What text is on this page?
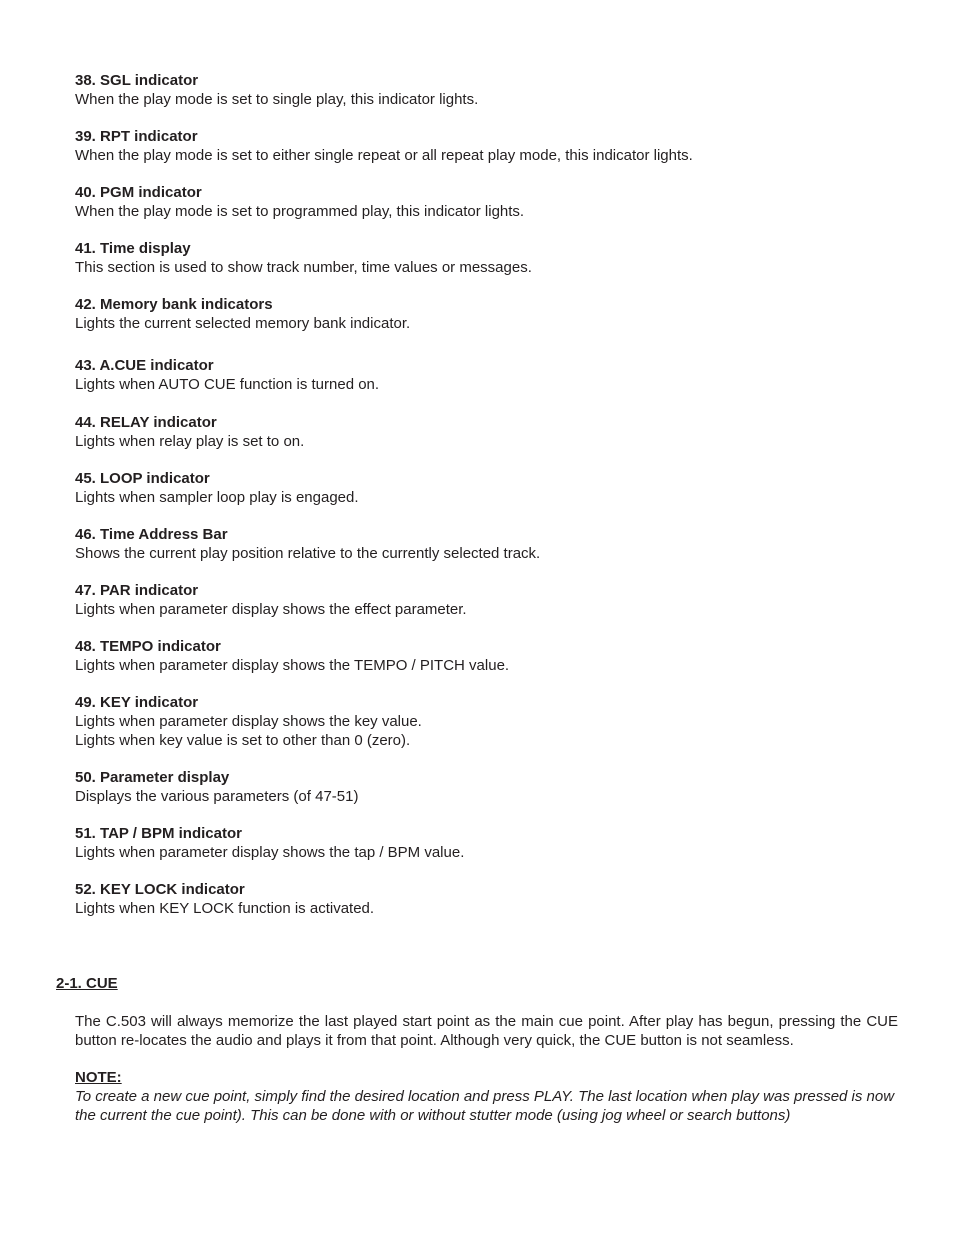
38. SGL indicator
When the play mode is set to single play, this indicator lights.
39. RPT indicator
When the play mode is set to either single repeat or all repeat play mode, this indicator lights.
40. PGM indicator
When the play mode is set to programmed play, this indicator lights.
41. Time display
This section is used to show track number, time values or messages.
42. Memory bank indicators
Lights the current selected memory bank indicator.
43. A.CUE indicator
Lights when AUTO CUE function is turned on.
44. RELAY indicator
Lights when relay play is set to on.
45. LOOP indicator
Lights when sampler loop play is engaged.
46. Time Address Bar
Shows the current play position relative to the currently selected track.
47. PAR indicator
Lights when parameter display shows the effect parameter.
48. TEMPO indicator
Lights when parameter display shows the TEMPO / PITCH value.
49. KEY indicator
Lights when parameter display shows the key value.
Lights when key value is set to other than 0 (zero).
50. Parameter display
Displays the various parameters (of 47-51)
51. TAP / BPM indicator
Lights when parameter display shows the tap / BPM value.
52. KEY LOCK indicator
Lights when KEY LOCK function is activated.
2-1. CUE
The C.503 will always memorize the last played start point as the main cue point. After play has begun, pressing the CUE button re-locates the audio and plays it from that point. Although very quick, the CUE button is not seamless.
NOTE:
To create a new cue point, simply find the desired location and press PLAY. The last location when play was pressed is now the current the cue point). This can be done with or without stutter mode (using jog wheel or search buttons)
